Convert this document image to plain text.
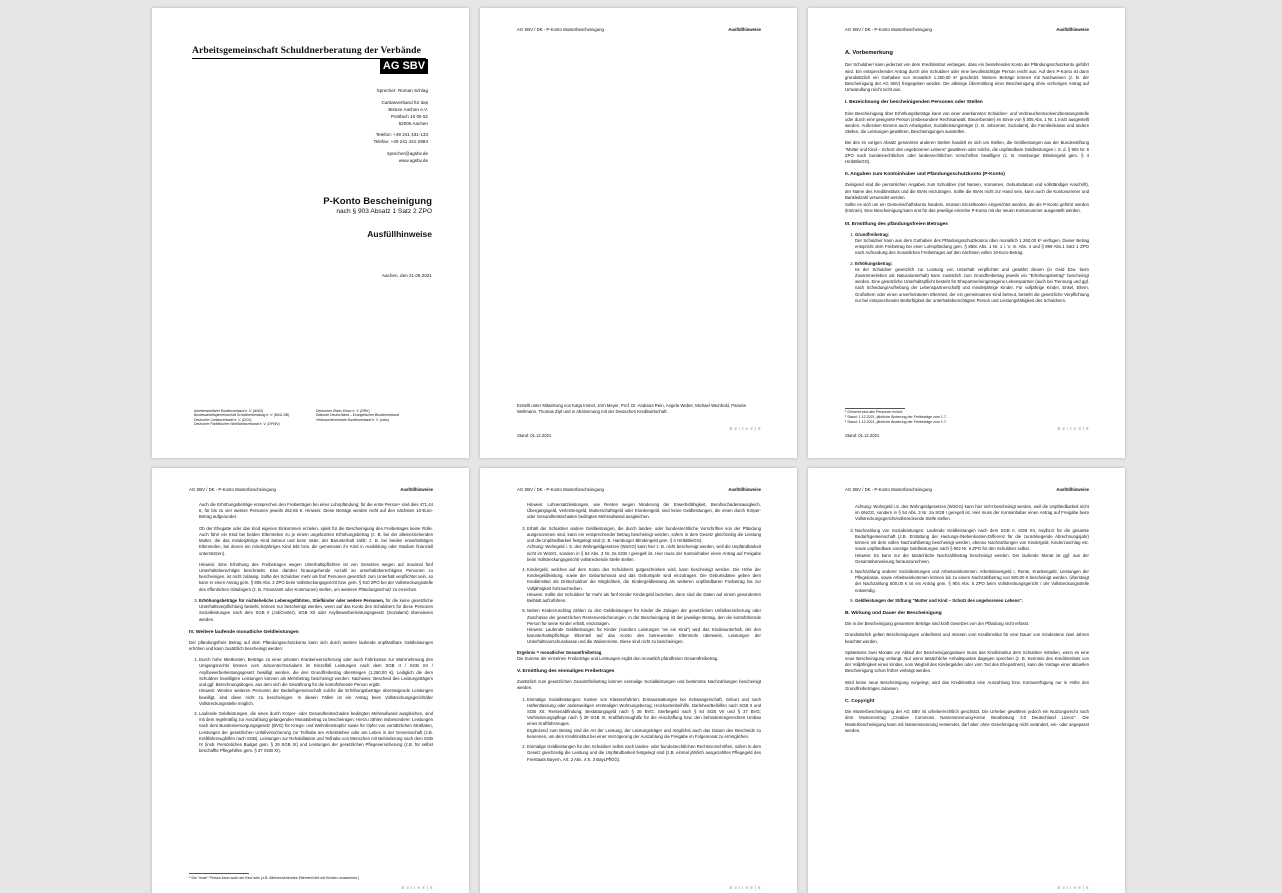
Arbeitsgemeinschaft Schuldnerberatung der Verbände
AG SBV
Sprecher: Roman Schlag
Caritasverband für das
Bistum Aachen e.V.
Postfach 10 05 52
52005 Aachen
Telefon: +49 241 431-133
Telefax: +49 241 431-2984
sprecher@agsbv.de
www.agsbv.de
P-Konto Bescheinigung
nach § 903 Absatz 1 Satz 2 ZPO
Ausfüllhinweise
Aachen, den 21.09.2021
Arbeiterwohlfahrt Bundesverband e. V. (AWO)
Bundesarbeitsgemeinschaft Schuldnerberatung e. V. (BAG-SB)
Deutscher Caritasverband e. V. (DCV)
Deutscher Paritätischer Wohlfahrtsverband e. V. (DPWV)
Deutsches Rotes Kreuz e. V. (DRK)
Diakonie Deutschland – Evangelischer Bundesverband
Verbraucherzentrale Bundesverband e. V. (vzbv)
AG SBV / DK - P-Konto Musterbescheinigung	Ausfüllhinweise
Erstellt unter Mitwirkung von Katja Immel, Jörn Meyer, Prof. Dr. Andreas Rein, Angela Weber, Michael Weinhold, Pamela Wellmann, Thomas Zipf und in Abstimmung mit der Deutschen Kreditwirtschaft.
Stand: 01.12.2021
S e i t e 2 | 6
AG SBV / DK - P-Konto Musterbescheinigung	Ausfüllhinweise
A. Vorbemerkung

Der Schuldner¹ kann jederzeit von dem Kreditinstitut verlangen, dass ein bestehendes Konto als Pfändungsschutzkonto geführt wird. Ein entsprechender Antrag durch den Schuldner oder eine bevollmächtigte Person reicht aus. Auf dem P-Konto ist dann grundsätzlich ein Guthaben von monatlich 1.260,00 €² geschützt. Weitere Beträge können mit Nachweisen (z. B. der Bescheinigung der AG SBV) freigegeben werden. Die alleinige Übermittlung einer Bescheinigung ohne vorherigen Antrag auf Umwandlung reicht nicht aus.

I. Bezeichnung der bescheinigenden Personen oder Stellen

Eine Bescheinigung über Erhöhungsbeträge kann von einer anerkannten Schuldner- und Verbraucherinsolvenzberatungsstelle oder durch eine geeignete Person (insbesondere Rechtsanwalt, Steuerberater) im Sinne von § 305 Abs. 1 Nr. 1 InsO ausgestellt werden. Außerdem können auch Arbeitgeber, Sozialleistungsträger (z. B. Jobcenter, Sozialamt), die Familienkasse und andere Stellen, die Leistungen gewähren, Bescheinigungen ausstellen.

Bei den im vorigen Absatz genannten anderen Stellen handelt es sich um Stellen, die Geldleistungen aus der Bundesstiftung "Mutter und Kind – Schutz des ungeborenen Lebens" gewähren oder solche, die unpfändbare Geldleistungen i. S. d. § 902 Nr. 6 ZPO nach bundesrechtlichen oder landesrechtlichen Vorschriften bewilligen (z. B. Hamburger Blindengeld gem. § 4 HmbBlinGG).

II. Angaben zum Kontoinhaber und Pfändungsschutzkonto (P-Konto)

Zwingend sind die persönlichen Angaben zum Schuldner (mit Namen, Vornamen, Geburtsdatum und vollständiger Anschrift), der Name des Kreditinstituts und die IBAN einzutragen. Sollte die IBAN nicht zur Hand sein, kann auch die Kontonummer und Bankleitzahl verwendet werden.

Sollte es sich um ein Gemeinschaftskonto handeln, müssen Einzelkonten eingerichtet werden, die als P-Konto geführt werden (können). Eine Bescheinigung kann erst für das jeweilige einzelne P-Konto mit der neuen Kontonummer ausgestellt werden.

III. Ermittlung des pfändungsfreien Betrages
1. Grundfreibetrag:
Der Schuldner kann aus dem Guthaben des Pfändungsschutzkontos über monatlich 1.260,00 €³ verfügen. Dieser Betrag entspricht dem Freibetrag bei einer Lohnpfändung gem. § 850c Abs. 1 Nr. 1 i. V. m. Abs. 4 und § 899 Abs.1 Satz 1 ZPO nach Aufrundung des monatlichen Freibetrages auf den nächsten vollen 10-Euro-Betrag.
2. Erhöhungsbetrag:
Ist der Schuldner gesetzlich zur Leistung von Unterhalt verpflichtet und gewährt diesen (in Geld bzw. beim Zusammenleben als Naturalunterhalt) kann zusätzlich zum Grundfreibetrag jeweils ein "Erhöhungsbetrag" bescheinigt werden. Eine gesetzliche Unterhaltspflicht besteht für Ehepartner/eingetragene Lebenspartner (auch bei Trennung und ggf. nach Scheidung/Aufhebung der Lebenspartnerschaft) und minderjährige Kinder. Für volljährige Kinder, Enkel, Eltern, Großeltern oder einen unverheirateten Elternteil, der ein gemeinsames Kind betreut, besteht die gesetzliche Verpflichtung nur bei entsprechender Bedürftigkeit der unterhaltsberechtigten Person und Leistungsfähigkeit des Schuldners.
¹ Gemeint sind alle Personen m/w/d.
² Stand: 1.12.2021, jährliche Änderung der Freibeträge zum 1.7.
³ Stand: 1.12.2021, jährliche Änderung der Freibeträge zum 1.7.
Stand: 01.12.2021
S e i t e 3 | 6
AG SBV / DK - P-Konto Musterbescheinigung	Ausfüllhinweise

Auch die Erhöhungsbeträge entsprechen den Freibeträgen bei einer Lohnpfändung; für die erste Person⁴ sind dies 471,44 €, für bis zu vier weitere Personen jeweils 262,65 €. Hinweis: Diese Beträge werden nicht auf den nächsten 10-Euro-Betrag aufgerundet.

Ob der Ehegatte oder das Kind eigenes Einkommen erzielen, spielt für die Bescheinigung des Freibetrages keine Rolle. Auch führt ein Kind bei beiden Elternteilen zu je einem ungekürzten Erhöhungsbetrag (z. B. bei der alleinerziehenden Mutter, die das minderjährige Kind betreut und beim Vater, der Barunterhalt zahlt; z. B. bei beiden erwerbstätigen Elternteilen, bei denen ein minderjähriges Kind lebt bzw. die gemeinsam ihr Kind in Ausbildung oder Studium finanziell unterstützen).

Hinweis: Eine Erhöhung des Freibetrages wegen Unterhaltspflichten ist von Gesetzes wegen auf maximal fünf Unterhaltsberechtigte beschränkt. Eine darüber hinausgehende Anzahl an unterhaltsberechtigten Personen zu bescheinigen, ist nicht zulässig. Sollte der Schuldner mehr als fünf Personen gesetzlich zum Unterhalt verpflichtet sein, so kann er einen Antrag gem. § 906 Abs. 2 ZPO beim Vollstreckungsgericht bzw. gem. § 910 ZPO bei der Vollstreckungsstelle des öffentlichen Gläubigers (z. B. Finanzamt oder Kommunen) stellen, um weiteren Pfändungsschutz zu erreichen.

3. Erhöhungsbeträge für nichteheliche Lebensgefährten, Stiefkinder oder weitere Personen, für die keine gesetzliche Unterhaltsverpflichtung besteht, können nur bescheinigt werden, wenn auf das Konto des Schuldners für diese Personen Sozialleistungen nach dem SGB II (JobCenter), SGB XII oder Asylbewerberleistungsgesetz (Sozialamt) überwiesen werden.
IV. Weitere laufende monatliche Geldleistungen

Der pfändungsfreie Betrag auf dem Pfändungsschutzkonto kann sich durch weitere laufende unpfändbare Geldleistungen erhöhen und kann zusätzlich bescheinigt werden:

1. Durch hohe Mietkosten, Beiträge zu einer privaten Krankenversicherung oder auch Fahrkosten zur Wahrnehmung des Umgangsrechts können vom Jobcenter/Sozialamt im Einzelfall Leistungen nach dem SGB II / SGB XII / Asylbewerberleistungsgesetz bewilligt werden, die den Grundfreibetrag übersteigen (1.260,00 €). Lediglich die dem Schuldner bewilligten Leistungen können als Mehrbetrag bescheinigt werden. Nachweis: Bescheid des Leistungsträgers und ggf. Berechnungsbogen, aus dem sich die Gewährung für die kontoführende Person ergibt.
Hinweis: Werden weiteren Personen der Bedarfsgemeinschaft solche die Erhöhungsbeträge übersteigende Leistungen bewilligt, sind diese nicht zu bescheinigen. In diesen Fällen ist ein Antrag beim Vollstreckungsgericht/der Vollstreckungsstelle möglich.
2. Laufende Geldleistungen, die einen durch Körper- oder Gesundheitsschaden bedingten Mehraufwand ausgleichen, sind mit dem regelmäßig zur Auszahlung gelangenden Monatsbetrag zu bescheinigen. Hierzu zählen insbesondere: Leistungen nach dem Bundesversorgungsgesetz (BVG) für Kriegs- und Wehrdienstopfer sowie für Opfer von vorsätzlichen Straftaten, Leistungen der gesetzlichen Unfallversicherung zur Teilhabe am Arbeitsleben oder am Leben in der Gemeinschaft (z.B. Kraftfahrzeughilfen nach SGB), Leistungen zur Rehabilitation und Teilhabe von Menschen mit Behinderung nach dem SGB IX (insb. Persönliches Budget gem. § 29 SGB IX) und Leistungen der gesetzlichen Pflegeversicherung (z.B. für selbst beschaffte Pflegehilfen gem. § 37 SGB XI).
⁴ Die "erste" Person kann auch ein Kind sein (z.B. Alleinerziehendes Elternteil lebt mit Kindern zusammen.)
S e i t e 4 | 6
AG SBV / DK - P-Konto Musterbescheinigung	Ausfüllhinweise

Hinweis: Lohnersatzleistungen, wie Renten wegen Minderung der Erwerbsfähigkeit, Berufsschadensausgleich, Übergangsgeld, Verletztengeld, Mutterschaftsgeld oder Krankengeld, sind keine Geldleistungen, die einen durch Körper- oder Gesundheitsschaden bedingten Mehraufwand ausgleichen.

3. Erhält der Schuldner andere Geldleistungen, die durch landes- oder bundesrechtliche Vorschriften von der Pfändung ausgenommen sind, kann ein entsprechender Betrag bescheinigt werden, sofern in dem Gesetz gleichzeitig die Leistung und die Unpfändbarkeit festgelegt sind (z. B. Hamburger Blindengeld gem. § 4 HmbBlinGG).
Achtung: Wohngeld i. S. des Wohngeldgesetzes (WoGG) kann hier z. B. nicht bescheinigt werden, weil die Unpfändbarkeit nicht im WoGG, sondern in § 54 Abs. 3 Nr. 2a SGB I geregelt ist. Hier muss der Kontoinhaber einen Antrag auf Freigabe beim Vollstreckungsgericht/ vollstreckende Stelle stellen.
4. Kindergeld, welches auf dem Konto des Schuldners gutgeschrieben wird, kann bescheinigt werden. Die Höhe der Kindergeldleistung, sowie der Geburtsmonat und das Geburtsjahr sind einzutragen. Die Geburtsdaten geben dem Kreditinstitut als Drittschuldner die Möglichkeit, die Kindergeldleistung als weiteren unpfändbaren Freibetrag bis zur Volljährigkeit fortzuschreiben.
Hinweis: Sollte der Schuldner für mehr als fünf Kinder Kindergeld beziehen, dann sind die Daten auf einem gesonderten Beiblatt aufzuführen.
5. Neben Kinderzuschlag zählen zu den Geldleistungen für Kinder die Zulagen der gesetzlichen Unfallversicherung oder Zuschüsse der gesetzlichen Rentenversicherungen. In der Bescheinigung ist der jeweilige Betrag, den die kontoführende Person für seine Kinder erhält, einzutragen.
Hinweis: Laufende Geldleistungen für Kinder (sondern Leistungen "an ein Kind") wird das Kindesunterhalt, der den barunterhaltspflichtige Elternteil auf das Konto des betreuenden Elternteils überweist, Leistungen der Unterhaltsvorschusskasse und die Waisenrente. Diese sind nicht zu bescheinigen.

Ergebnis = monatlicher Gesamtfreibetrag

Die Summe der einzelnen Freibeträge und Leistungen ergibt den monatlich pfandfreien Gesamtfreibetrag.

V. Ermittlung des einmaligen Freibetrages

Zusätzlich zum gesetzlichen Gesamtfreibetrag können einmalige Sozialleistungen und bestimmte Nachzahlungen bescheinigt werden.

1. Einmalige Sozialleistungen: Kosten von Klassenfahrten; Erstausstattungen bei Schwangerschaft, Geburt und nach Haftentlassung oder anderweitigen erstmaligen Wohnungsbezug; Heizkostenbeihilfe, Darlehen/Beihilfen nach SGB II und SGB XII; Rentenabfindung; Bestattungsgeld nach § 36 BVG; Sterbegeld nach § 64 SGB VII und § 37 BVG; Verhinderungspflege nach § 39 SGB XI; Kraftfahrzeughilfe für die Anschaffung bzw. den behindertengerechten Umbau eines Kraftfahrzeuges.
Ergänzend zum Betrag sind die Art der Leistung, der Leistungsträger und möglichst auch das Datum des Bescheids zu benennen, um dem Kreditinstitut bei einer Verzögerung der Auszahlung die Freigabe im Folgemonat zu ermöglichen.
2. Einmalige Geldleistungen für den Schuldner selbst nach landes- oder bundesrechtlichen Rechtsvorschriften, sofern in dem Gesetz gleichzeitig die Leistung und die Unpfändbarkeit festgelegt sind (z.B. einmal jährlich ausgezahltes Pflegegeld des Freistaats Bayern, Art. 2 Abs. 4 S. 3 BayLPflGG).
S e i t e 5 | 6
AG SBV / DK - P-Konto Musterbescheinigung	Ausfüllhinweise

Achtung: Wohngeld i.S. des Wohngeldgesetzes (WoGG) kann hier nicht bescheinigt werden, weil die Unpfändbarkeit nicht im WoGG, sondern in § 54 Abs. 3 Nr. 2a SGB I geregelt ist. Hier muss der Kontoinhaber einen Antrag auf Freigabe beim Vollstreckungsgericht/vollstreckende Stelle stellen.

3. Nachzahlung von Sozialleistungen: Laufende Geldleistungen nach dem SGB II, SGB XII, AsylbLG für die gesamte Bedarfsgemeinschaft (z.B. Erstattung der Heizungs-/Nebenkosten-Differenz für die zurückliegende Abrechnungsjahr) können mit dem vollen Nachzahlbetrag bescheinigt werden, ebenso Nachzahlungen von Kindergeld, Kinderzuschlag etc. sowie unpfändbare sonstige Geldleistungen nach § 902 Nr. 6 ZPO für den Schuldner selbst.
Hinweis: Es kann nur der tatsächliche Nachzahlbetrag bescheinigt werden. Der laufende Monat ist ggf. aus der Gesamtüberweisung herauszurechnen.
4. Nachzahlung anderer Sozialleistungen und Arbeitseinkommen: Arbeitslosengeld I, Rente, Krankengeld, Leistungen der Pflegekasse, sowie Arbeitseinkommen können bis zu einem Nachzahlbetrag von 500,00 € bescheinigt werden. Übersteigt der Nachzahlung 500,00 € ist ein Antrag gem. § 904 Abs. 5 ZPO beim Vollstreckungsgericht / der Vollstreckungsstelle notwendig.
5. Geldleistungen der Stiftung "Mutter und Kind – Schutz des ungeborenen Lebens".
B. Wirkung und Dauer der Bescheinigung

Die in der Bescheinigung genannten Beträge sind kraft Gesetzes von der Pfändung nicht erfasst.

Grundsätzlich gelten Bescheinigungen unbefristet und müssen vom Kreditinstitut für eine Dauer von mindestens zwei Jahren beachtet werden.

Spätestens zwei Monate vor Ablauf der Bescheinigungsdauer muss das Kreditinstitut dem Schuldner mitteilen, wenn es eine neue Bescheinigung verlangt. Nur wenn tatsächliche Anhaltspunkte dagegen sprechen (z. B. Kenntnis des Kreditinstituts von der Volljährigkeit eines Kindes, vom Wegfall des Kindergeldes oder vom Tod des Ehepartners), kann die Vorlage einer aktuellen Bescheinigung schon früher verlangt werden.

Wird keine neue Bescheinigung vorgelegt, wird das Kreditinstitut eine Auszahlung bzw. Kontoverfügung nur in Höhe des Grundfreibetrages zulassen.

C. Copyright

Die Musterbescheinigung der AG SBV ist urheberrechtlich geschützt. Die Urheber gewähren jedoch ein Nutzungsrecht nach dem Mustervertrag „Creative Commons Namensnennung-Keine Bearbeitung 3.0 Deutschland Lizenz". Die Musterbescheinigung kann mit Namensnennung verwendet, darf aber ohne Genehmigung nicht verändert, ein- oder angepasst werden.

S e i t e 6 | 6
